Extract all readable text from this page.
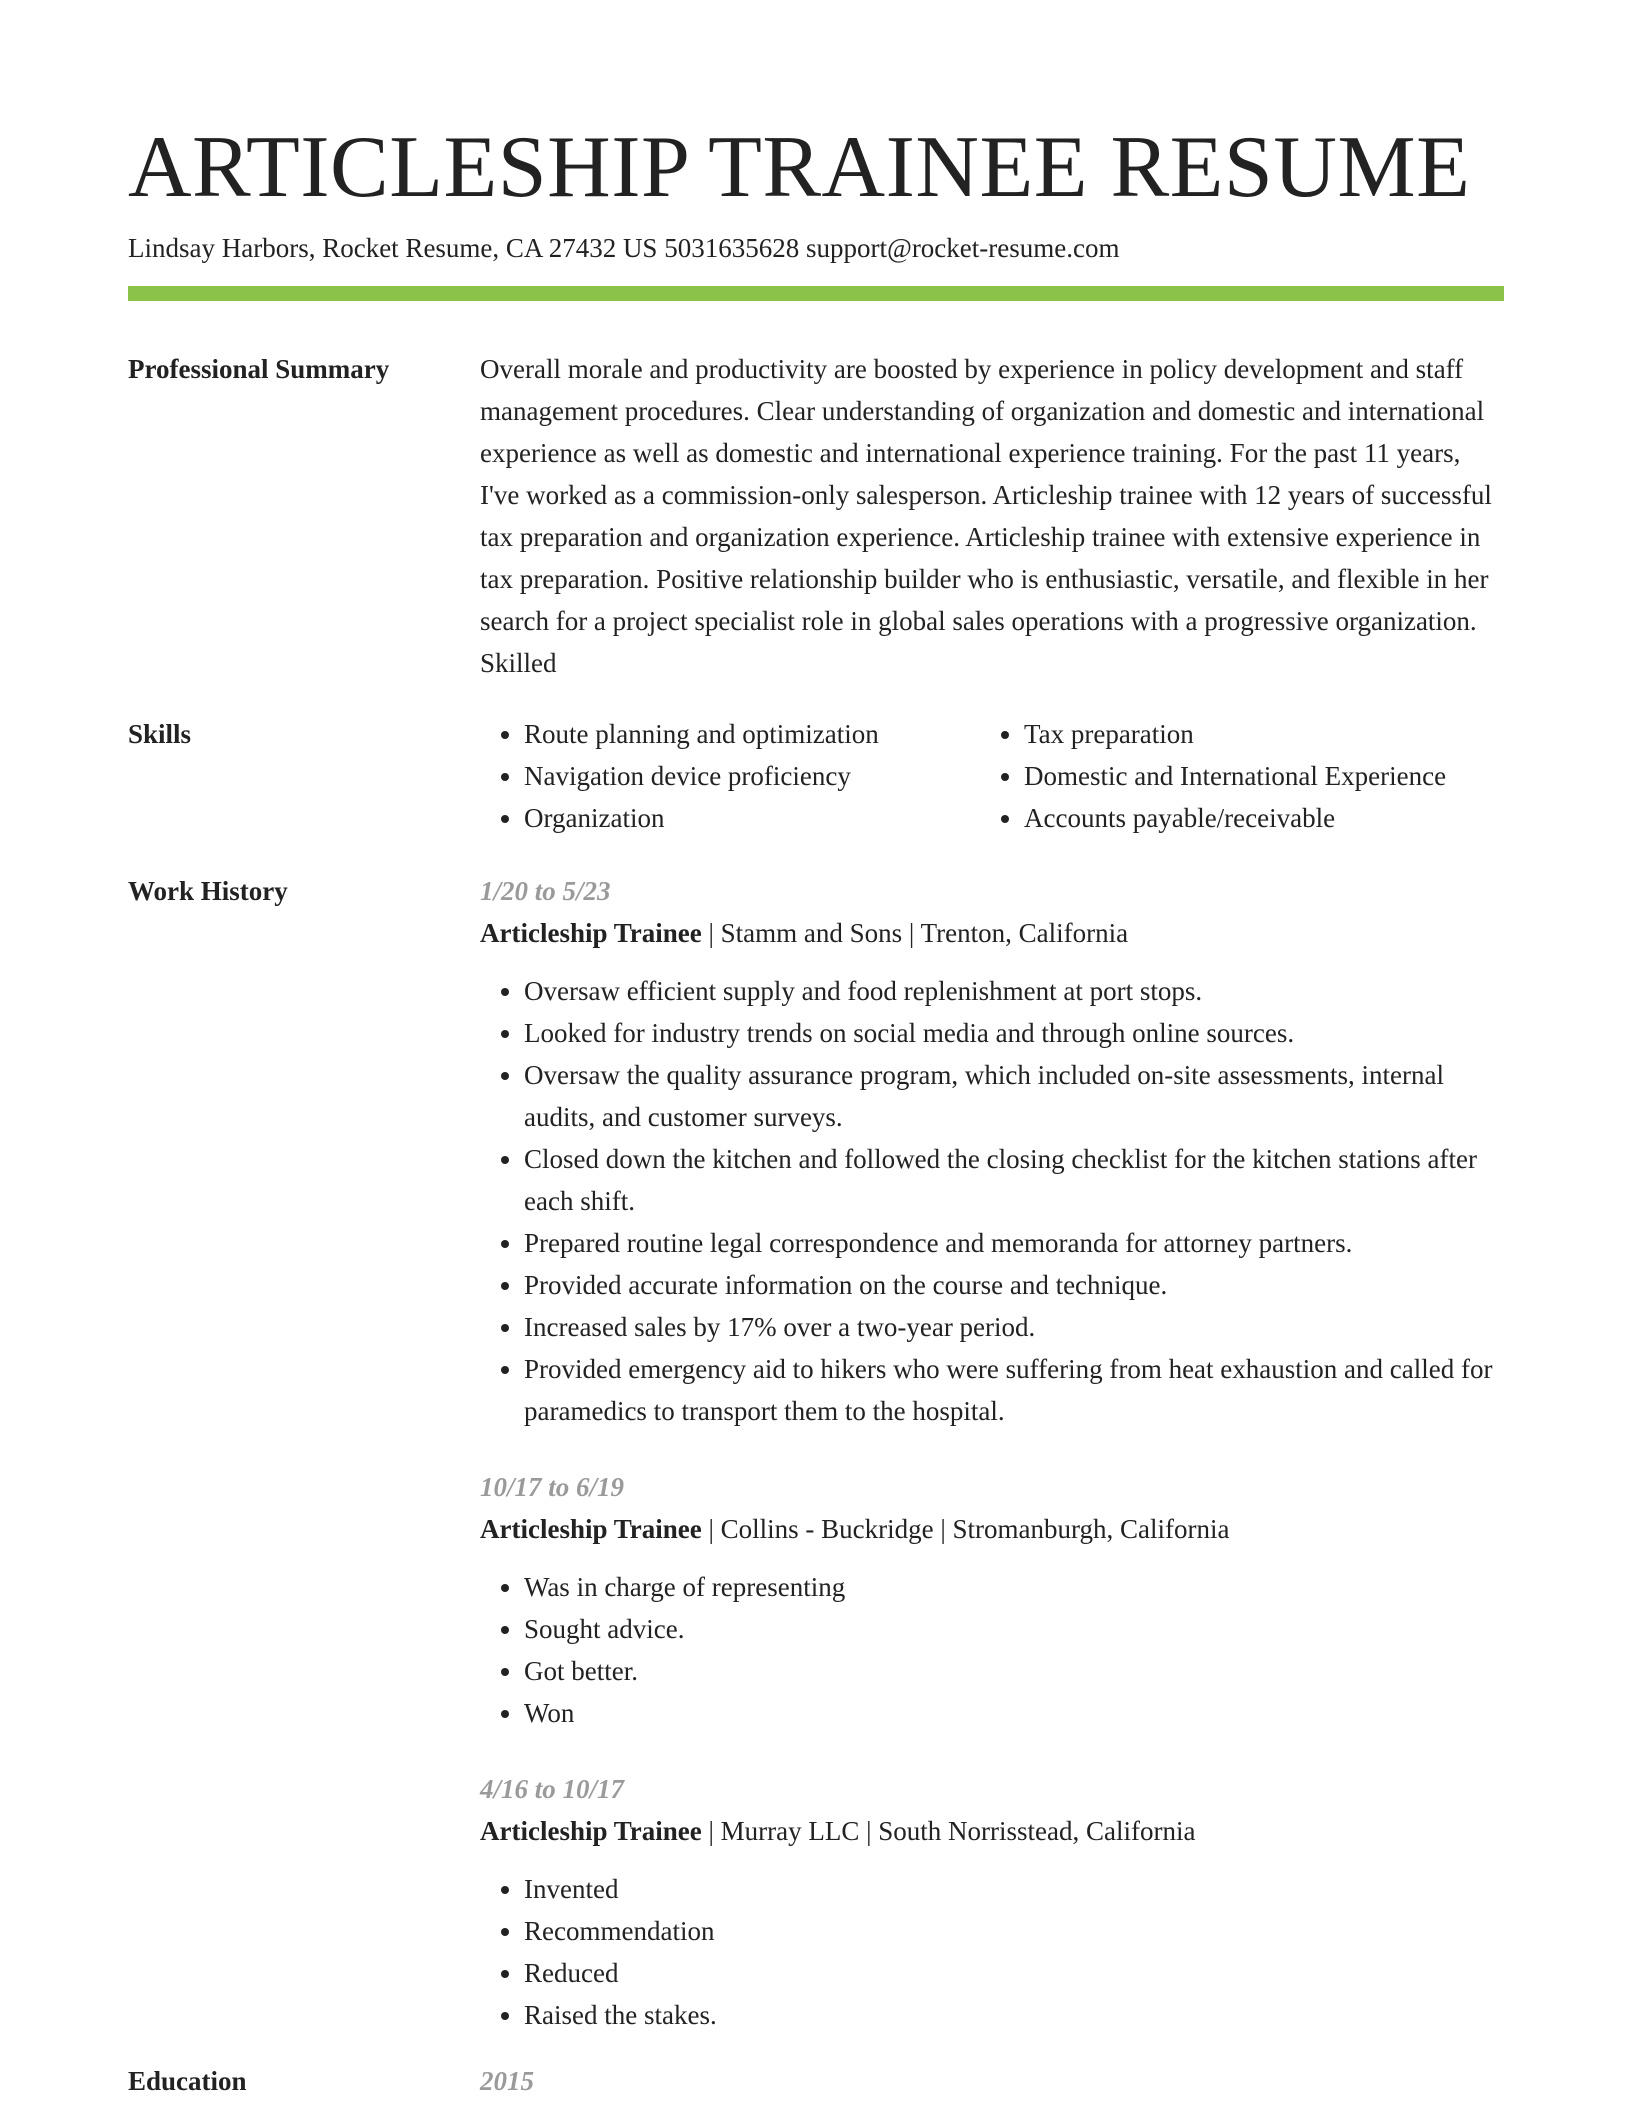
ARTICLESHIP TRAINEE RESUME
Lindsay Harbors, Rocket Resume, CA 27432 US 5031635628 support@rocket-resume.com
Professional Summary	Overall morale and productivity are boosted by experience in policy development and staff management procedures. Clear understanding of organization and domestic and international experience as well as domestic and international experience training. For the past 11 years, I've worked as a commission-only salesperson. Articleship trainee with 12 years of successful tax preparation and organization experience. Articleship trainee with extensive experience in tax preparation. Positive relationship builder who is enthusiastic, versatile, and flexible in her search for a project specialist role in global sales operations with a progressive organization. Skilled

Skills
•	Route planning and optimization
• Navigation device proficiency
• Organization
• Tax preparation
• Domestic and International Experience
• Accounts payable/receivable
Work History	1/20 to 5/23
Articleship Trainee | Stamm and Sons | Trenton, California
• Oversaw efficient supply and food replenishment at port stops.
• Looked for industry trends on social media and through online sources.
• Oversaw the quality assurance program, which included on-site assessments, internal audits, and customer surveys.
• Closed down the kitchen and followed the closing checklist for the kitchen stations after each shift.
• Prepared routine legal correspondence and memoranda for attorney partners.
• Provided accurate information on the course and technique.
• Increased sales by 17% over a two-year period.
• Provided emergency aid to hikers who were suffering from heat exhaustion and called for paramedics to transport them to the hospital.
10/17 to 6/19
Articleship Trainee | Collins - Buckridge | Stromanburgh, California
• Was in charge of representing
• Sought advice.
• Got better.
• Won
4/16 to 10/17
Articleship Trainee | Murray LLC | South Norrisstead, California
• Invented
• Recommendation
• Reduced
• Raised the stakes.
Education	2015
